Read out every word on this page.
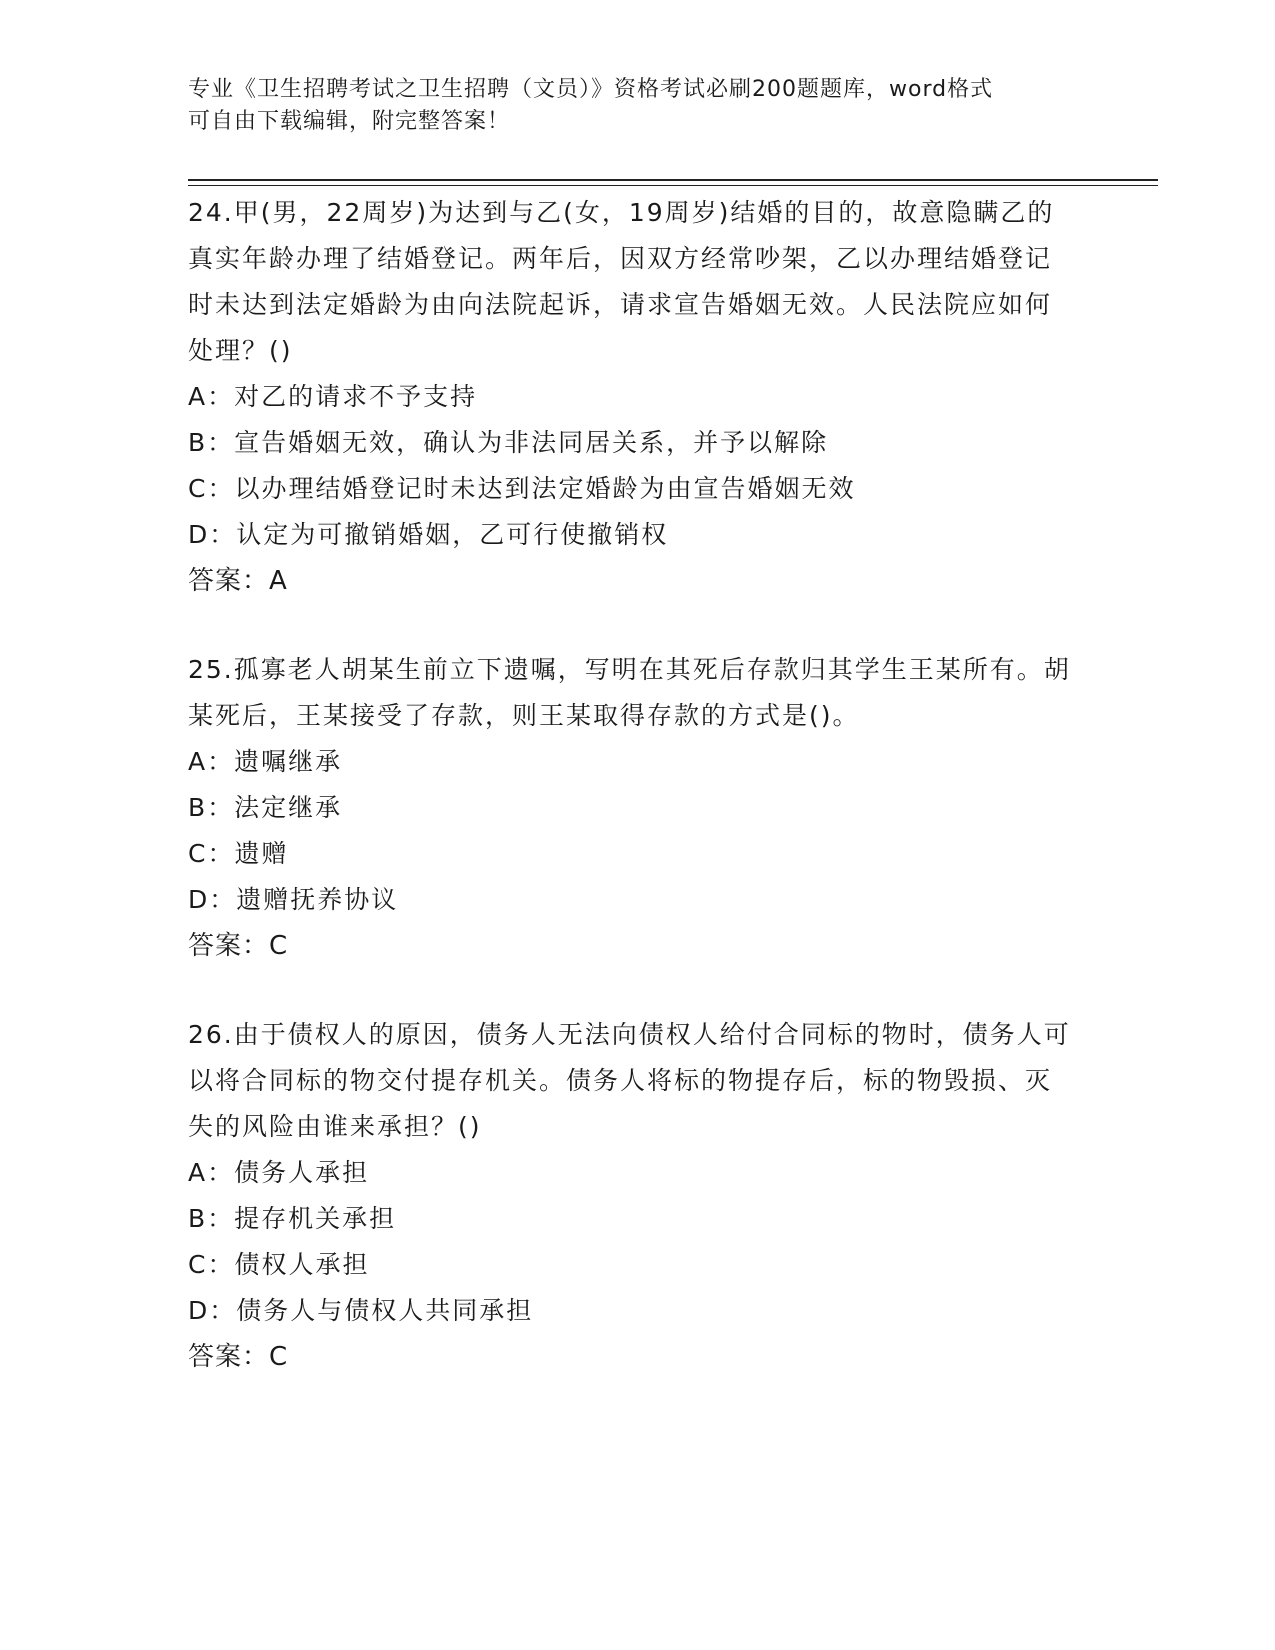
专业《卫生招聘考试之卫生招聘（文员）》资格考试必刷200题题库，word格式
可自由下载编辑，附完整答案！

24.甲(男，22周岁)为达到与乙(女，19周岁)结婚的目的，故意隐瞒乙的真实年龄办理了结婚登记。两年后，因双方经常吵架，乙以办理结婚登记时未达到法定婚龄为由向法院起诉，请求宣告婚姻无效。人民法院应如何处理？()

A：对乙的请求不予支持

B：宣告婚姻无效，确认为非法同居关系，并予以解除

C：以办理结婚登记时未达到法定婚龄为由宣告婚姻无效

D：认定为可撤销婚姻，乙可行使撤销权

答案：A

25.孤寡老人胡某生前立下遗嘱，写明在其死后存款归其学生王某所有。胡某死后，王某接受了存款，则王某取得存款的方式是()。

A：遗嘱继承

B：法定继承

C：遗赠

D：遗赠抚养协议

答案：C

26.由于债权人的原因，债务人无法向债权人给付合同标的物时，债务人可以将合同标的物交付提存机关。债务人将标的物提存后，标的物毁损、灭失的风险由谁来承担？()

A：债务人承担

B：提存机关承担

C：债权人承担

D：债务人与债权人共同承担

答案：C
